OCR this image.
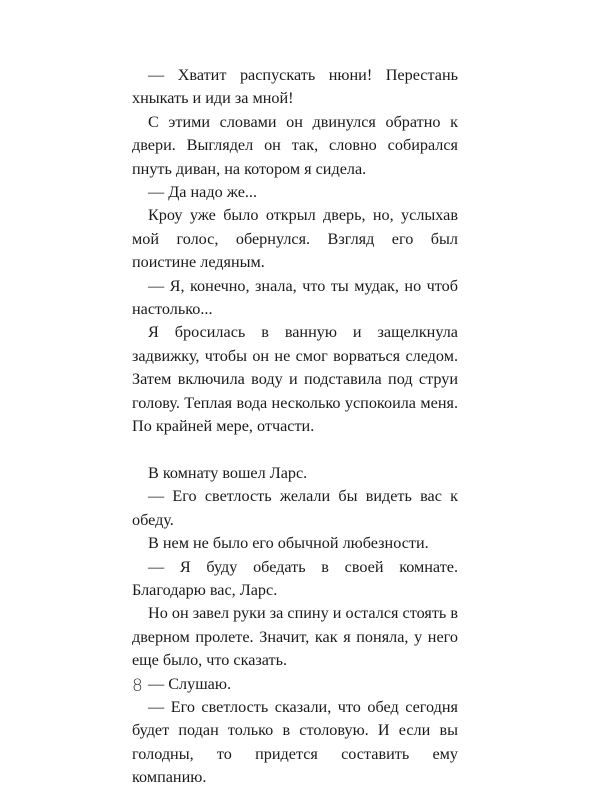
— Хватит распускать нюни! Перестань хныкать и иди за мной!

С этими словами он двинулся обратно к двери. Выглядел он так, словно собирался пнуть диван, на котором я сидела.

— Да надо же...

Кроу уже было открыл дверь, но, услыхав мой голос, обернулся. Взгляд его был поистине ледяным.

— Я, конечно, знала, что ты мудак, но чтоб настолько...

Я бросилась в ванную и защелкнула задвижку, чтобы он не смог ворваться следом. Затем включила воду и подставила под струи голову. Теплая вода несколько успокоила меня. По крайней мере, отчасти.

В комнату вошел Ларс.

— Его светлость желали бы видеть вас к обеду.

В нем не было его обычной любезности.

— Я буду обедать в своей комнате. Благодарю вас, Ларс.

Но он завел руки за спину и остался стоять в дверном пролете. Значит, как я поняла, у него еще было, что сказать.

— Слушаю.

— Его светлость сказали, что обед сегодня будет подан только в столовую. И если вы голодны, то придется составить ему компанию.

8
